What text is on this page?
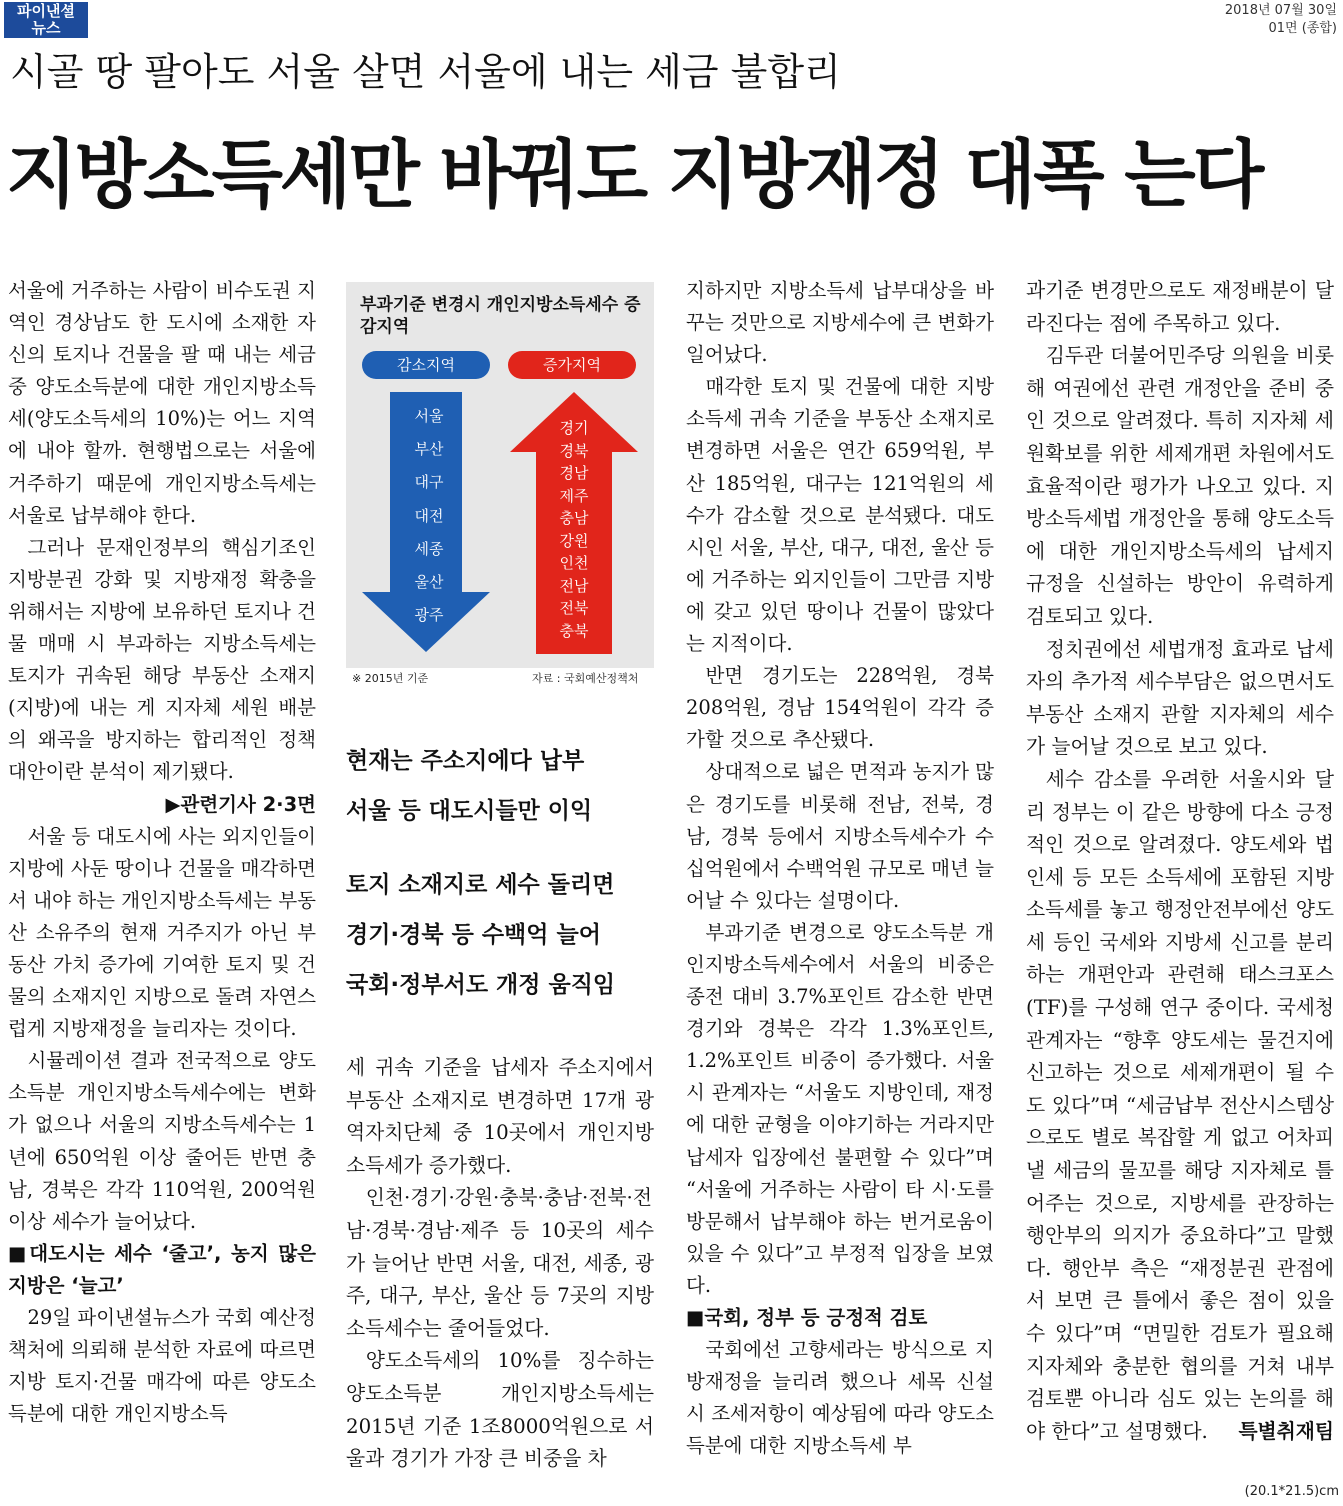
파이낸셜
뉴스
2018년 07월 30일
01면 (종합)
시골 땅 팔아도 서울 살면 서울에 내는 세금 불합리
지방소득세만 바꿔도 지방재정 대폭 는다

서울에 거주하는 사람이 비수도권 지역인 경상남도 한 도시에 소재한 자신의 토지나 건물을 팔 때 내는 세금 중 양도소득분에 대한 개인지방소득세(양도소득세의 10%)는 어느 지역에 내야 할까. 현행법으로는 서울에 거주하기 때문에 개인지방소득세는 서울로 납부해야 한다.

그러나 문재인정부의 핵심기조인 지방분권 강화 및 지방재정 확충을 위해서는 지방에 보유하던 토지나 건물 매매 시 부과하는 지방소득세는 토지가 귀속된 해당 부동산 소재지(지방)에 내는 게 지자체 세원 배분의 왜곡을 방지하는 합리적인 정책 대안이란 분석이 제기됐다.

▶관련기사 2·3면

서울 등 대도시에 사는 외지인들이 지방에 사둔 땅이나 건물을 매각하면서 내야 하는 개인지방소득세는 부동산 소유주의 현재 거주지가 아닌 부동산 가치 증가에 기여한 토지 및 건물의 소재지인 지방으로 돌려 자연스럽게 지방재정을 늘리자는 것이다.

시뮬레이션 결과 전국적으로 양도소득분 개인지방소득세수에는 변화가 없으나 서울의 지방소득세수는 1년에 650억원 이상 줄어든 반면 충남, 경북은 각각 110억원, 200억원 이상 세수가 늘어났다.

■대도시는 세수 ‘줄고’, 농지 많은 지방은 ‘늘고’

29일 파이낸셜뉴스가 국회 예산정책처에 의뢰해 분석한 자료에 따르면 지방 토지·건물 매각에 따른 양도소득분에 대한 개인지방소득

부과기준 변경시 개인지방소득세수 증감지역
감소지역	증가지역
서울
부산
대구
대전
세종
울산
광주
경기
경북
경남
제주
충남
강원
인천
전남
전북
충북
※ 2015년 기준	자료 : 국회예산정책처
현재는 주소지에다 납부
서울 등 대도시들만 이익
토지 소재지로 세수 돌리면
경기·경북 등 수백억 늘어
국회·정부서도 개정 움직임

세 귀속 기준을 납세자 주소지에서 부동산 소재지로 변경하면 17개 광역자치단체 중 10곳에서 개인지방소득세가 증가했다.

인천·경기·강원·충북·충남·전북·전남·경북·경남·제주 등 10곳의 세수가 늘어난 반면 서울, 대전, 세종, 광주, 대구, 부산, 울산 등 7곳의 지방소득세수는 줄어들었다.

양도소득세의 10%를 징수하는 양도소득분 개인지방소득세는 2015년 기준 1조8000억원으로 서울과 경기가 가장 큰 비중을 차

지하지만 지방소득세 납부대상을 바꾸는 것만으로 지방세수에 큰 변화가 일어났다.

매각한 토지 및 건물에 대한 지방소득세 귀속 기준을 부동산 소재지로 변경하면 서울은 연간 659억원, 부산 185억원, 대구는 121억원의 세수가 감소할 것으로 분석됐다. 대도시인 서울, 부산, 대구, 대전, 울산 등에 거주하는 외지인들이 그만큼 지방에 갖고 있던 땅이나 건물이 많았다는 지적이다.

반면 경기도는 228억원, 경북 208억원, 경남 154억원이 각각 증가할 것으로 추산됐다.

상대적으로 넓은 면적과 농지가 많은 경기도를 비롯해 전남, 전북, 경남, 경북 등에서 지방소득세수가 수십억원에서 수백억원 규모로 매년 늘어날 수 있다는 설명이다.

부과기준 변경으로 양도소득분 개인지방소득세수에서 서울의 비중은 종전 대비 3.7%포인트 감소한 반면 경기와 경북은 각각 1.3%포인트, 1.2%포인트 비중이 증가했다. 서울시 관계자는 “서울도 지방인데, 재정에 대한 균형을 이야기하는 거라지만 납세자 입장에선 불편할 수 있다”며 “서울에 거주하는 사람이 타 시·도를 방문해서 납부해야 하는 번거로움이 있을 수 있다”고 부정적 입장을 보였다.

■국회, 정부 등 긍정적 검토

국회에선 고향세라는 방식으로 지방재정을 늘리려 했으나 세목 신설 시 조세저항이 예상됨에 따라 양도소득분에 대한 지방소득세 부

과기준 변경만으로도 재정배분이 달라진다는 점에 주목하고 있다.

김두관 더불어민주당 의원을 비롯해 여권에선 관련 개정안을 준비 중인 것으로 알려졌다. 특히 지자체 세원확보를 위한 세제개편 차원에서도 효율적이란 평가가 나오고 있다. 지방소득세법 개정안을 통해 양도소득에 대한 개인지방소득세의 납세지 규정을 신설하는 방안이 유력하게 검토되고 있다.

정치권에선 세법개정 효과로 납세자의 추가적 세수부담은 없으면서도 부동산 소재지 관할 지자체의 세수가 늘어날 것으로 보고 있다.

세수 감소를 우려한 서울시와 달리 정부는 이 같은 방향에 다소 긍정적인 것으로 알려졌다. 양도세와 법인세 등 모든 소득세에 포함된 지방소득세를 놓고 행정안전부에선 양도세 등인 국세와 지방세 신고를 분리하는 개편안과 관련해 태스크포스(TF)를 구성해 연구 중이다. 국세청 관계자는 “향후 양도세는 물건지에 신고하는 것으로 세제개편이 될 수도 있다”며 “세금납부 전산시스템상으로도 별로 복잡할 게 없고 어차피 낼 세금의 물꼬를 해당 지자체로 틀어주는 것으로, 지방세를 관장하는 행안부의 의지가 중요하다”고 말했다. 행안부 측은 “재정분권 관점에서 보면 큰 틀에서 좋은 점이 있을 수 있다”며 “면밀한 검토가 필요해 지자체와 충분한 협의를 거쳐 내부 검토뿐 아니라 심도 있는 논의를 해야 한다”고 설명했다.	특별취재팀

(20.1*21.5)cm
